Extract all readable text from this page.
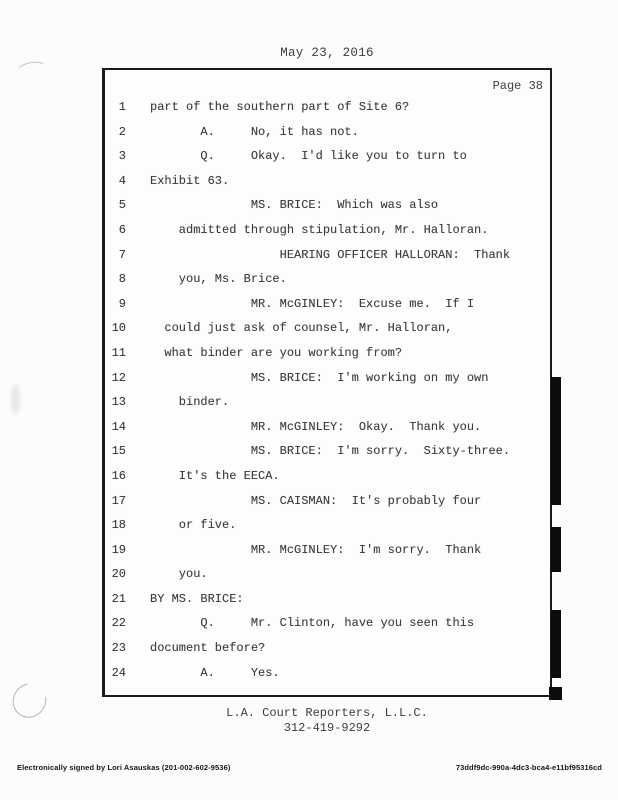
May 23, 2016
Page 38
1 part of the southern part of Site 6?
2       A.     No, it has not.
3       Q.     Okay.  I'd like you to turn to
4 Exhibit 63.
5              MS. BRICE:  Which was also
6    admitted through stipulation, Mr. Halloran.
7                  HEARING OFFICER HALLORAN:  Thank
8    you, Ms. Brice.
9              MR. McGINLEY:  Excuse me.  If I
10  could just ask of counsel, Mr. Halloran,
11  what binder are you working from?
12              MS. BRICE:  I'm working on my own
13    binder.
14              MR. McGINLEY:  Okay.  Thank you.
15              MS. BRICE:  I'm sorry.  Sixty-three.
16    It's the EECA.
17              MS. CAISMAN:  It's probably four
18    or five.
19              MR. McGINLEY:  I'm sorry.  Thank
20    you.
21 BY MS. BRICE:
22       Q.     Mr. Clinton, have you seen this
23 document before?
24       A.     Yes.
L.A. Court Reporters, L.L.C.
312-419-9292
Electronically signed by Lori Asauskas (201-002-602-9536)	73ddf9dc-990a-4dc3-bca4-e11bf95316cd
